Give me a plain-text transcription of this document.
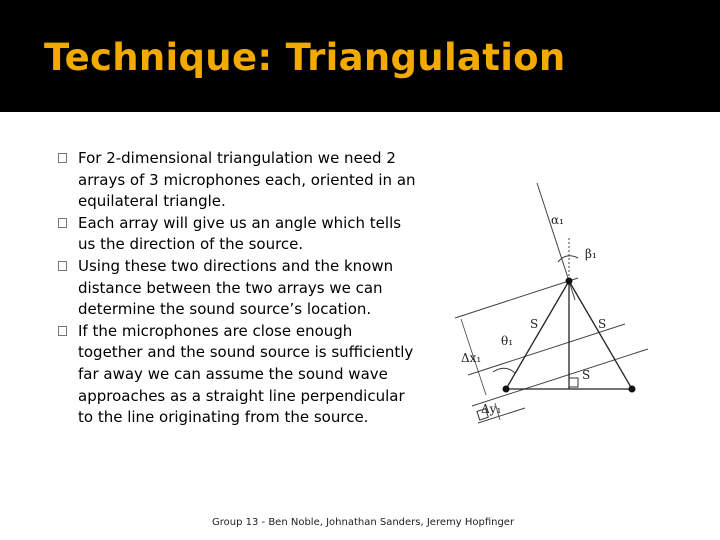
Technique: Triangulation
For 2-dimensional triangulation we need 2 arrays of 3 microphones each, oriented in an equilateral triangle.
Each array will give us an angle which tells us the direction of the source.
Using these two directions and the known distance between the two arrays we can determine the sound source’s location.
If the microphones are close enough together and the sound source is sufficiently far away we can assume the sound wave approaches as a straight line perpendicular to the line originating from the source.
α₁
β₁
θ₁
Δx₁
Δy₁
S	S
S
Group 13 - Ben Noble, Johnathan Sanders, Jeremy Hopfinger
